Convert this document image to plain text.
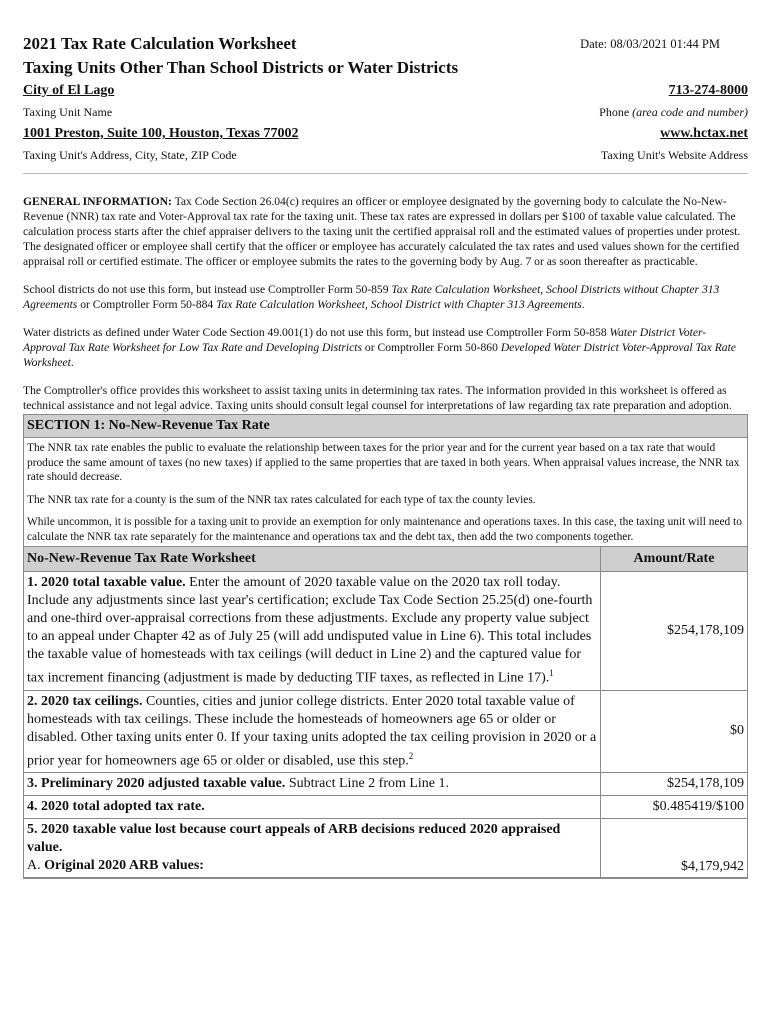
2021 Tax Rate Calculation Worksheet
Taxing Units Other Than School Districts or Water Districts
Date: 08/03/2021 01:44 PM
City of El Lago	713-274-8000
Taxing Unit Name	Phone (area code and number)
1001 Preston, Suite 100, Houston, Texas 77002	www.hctax.net
Taxing Unit's Address, City, State, ZIP Code	Taxing Unit's Website Address

GENERAL INFORMATION: Tax Code Section 26.04(c) requires an officer or employee designated by the governing body to calculate the No-New-Revenue (NNR) tax rate and Voter-Approval tax rate for the taxing unit. These tax rates are expressed in dollars per $100 of taxable value calculated. The calculation process starts after the chief appraiser delivers to the taxing unit the certified appraisal roll and the estimated values of properties under protest. The designated officer or employee shall certify that the officer or employee has accurately calculated the tax rates and used values shown for the certified appraisal roll or certified estimate. The officer or employee submits the rates to the governing body by Aug. 7 or as soon thereafter as practicable.

School districts do not use this form, but instead use Comptroller Form 50-859 Tax Rate Calculation Worksheet, School Districts without Chapter 313 Agreements or Comptroller Form 50-884 Tax Rate Calculation Worksheet, School District with Chapter 313 Agreements.

Water districts as defined under Water Code Section 49.001(1) do not use this form, but instead use Comptroller Form 50-858 Water District Voter-Approval Tax Rate Worksheet for Low Tax Rate and Developing Districts or Comptroller Form 50-860 Developed Water District Voter-Approval Tax Rate Worksheet.

The Comptroller's office provides this worksheet to assist taxing units in determining tax rates. The information provided in this worksheet is offered as technical assistance and not legal advice. Taxing units should consult legal counsel for interpretations of law regarding tax rate preparation and adoption.

SECTION 1: No-New-Revenue Tax Rate

The NNR tax rate enables the public to evaluate the relationship between taxes for the prior year and for the current year based on a tax rate that would produce the same amount of taxes (no new taxes) if applied to the same properties that are taxed in both years. When appraisal values increase, the NNR tax rate should decrease.

The NNR tax rate for a county is the sum of the NNR tax rates calculated for each type of tax the county levies.

While uncommon, it is possible for a taxing unit to provide an exemption for only maintenance and operations taxes. In this case, the taxing unit will need to calculate the NNR tax rate separately for the maintenance and operations tax and the debt tax, then add the two components together.

No-New-Revenue Tax Rate Worksheet	Amount/Rate
1. 2020 total taxable value. Enter the amount of 2020 taxable value on the 2020 tax roll today. Include any adjustments since last year's certification; exclude Tax Code Section 25.25(d) one-fourth and one-third over-appraisal corrections from these adjustments. Exclude any property value subject to an appeal under Chapter 42 as of July 25 (will add undisputed value in Line 6). This total includes the taxable value of homesteads with tax ceilings (will deduct in Line 2) and the captured value for tax increment financing (adjustment is made by deducting TIF taxes, as reflected in Line 17).$^1$	$254,178,109
2. 2020 tax ceilings. Counties, cities and junior college districts. Enter 2020 total taxable value of homesteads with tax ceilings. These include the homesteads of homeowners age 65 or older or disabled. Other taxing units enter 0. If your taxing units adopted the tax ceiling provision in 2020 or a prior year for homeowners age 65 or older or disabled, use this step.$^2$	$0
3. Preliminary 2020 adjusted taxable value. Subtract Line 2 from Line 1.	$254,178,109
4. 2020 total adopted tax rate.	$0.485419/$100
5. 2020 taxable value lost because court appeals of ARB decisions reduced 2020 appraised value.
A. Original 2020 ARB values:	$4,179,942
